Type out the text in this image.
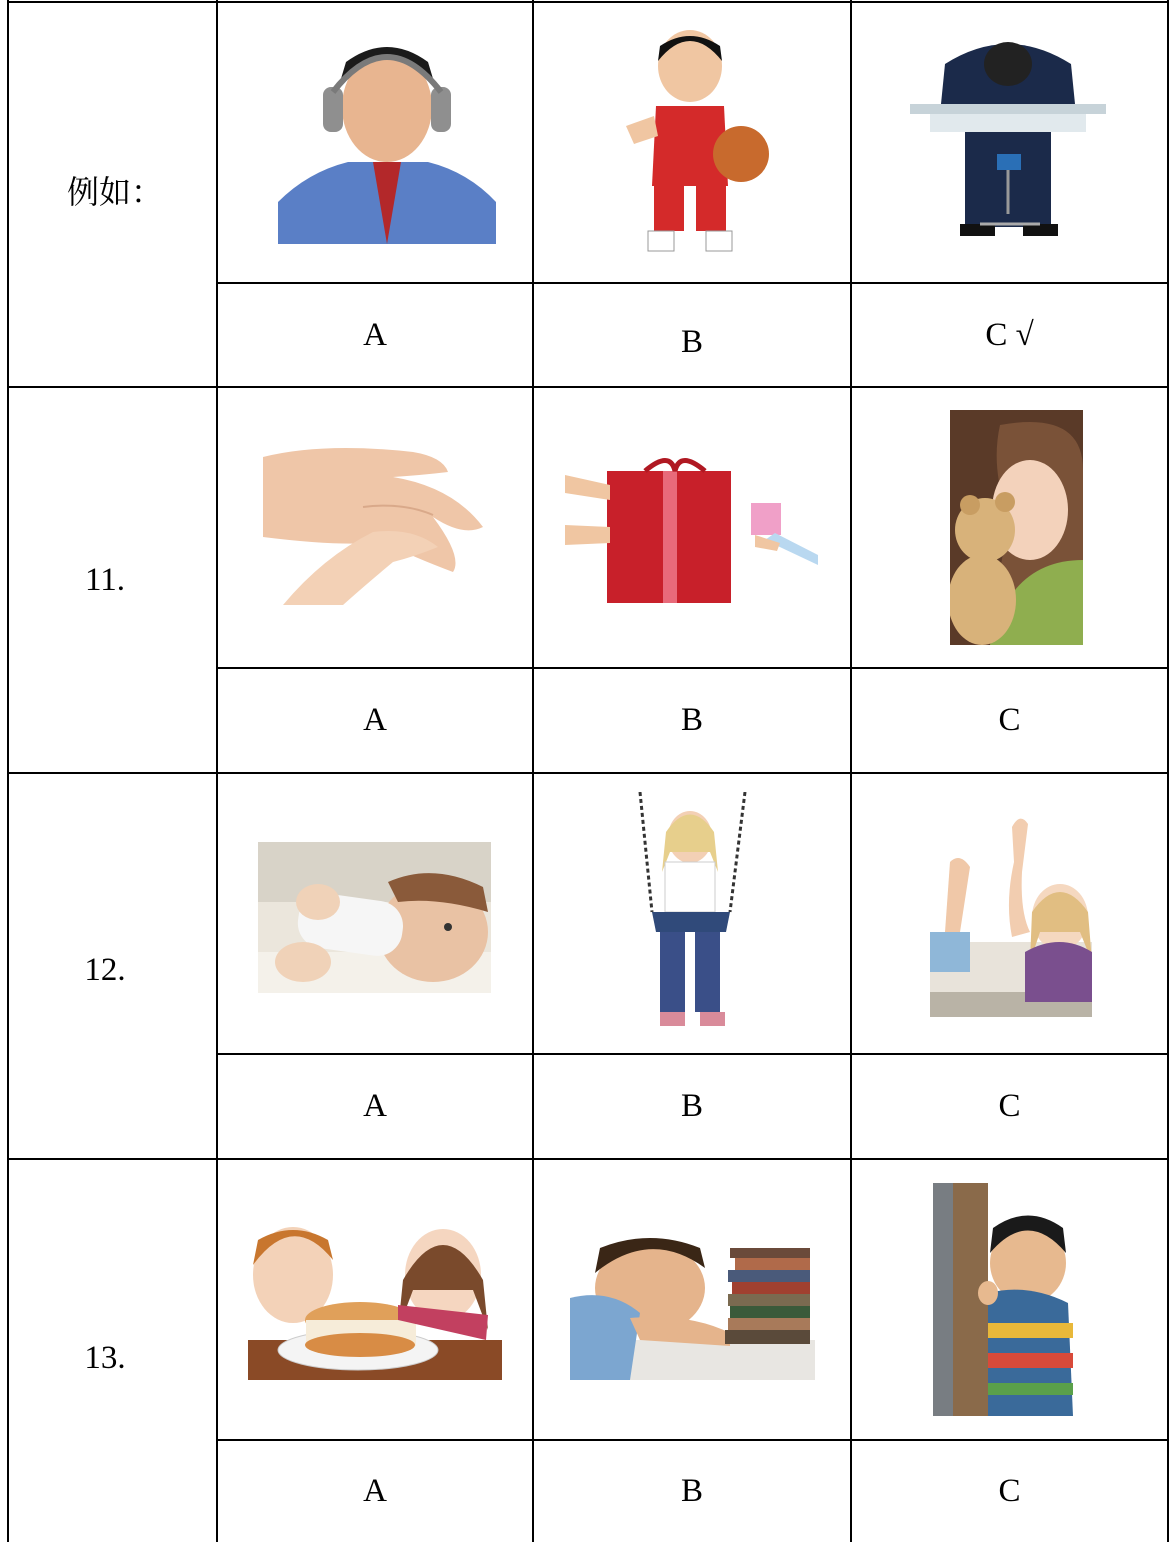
例如：
A	B	C √
11.
A	B	C
12.
A	B	C
13.
A	B	C
